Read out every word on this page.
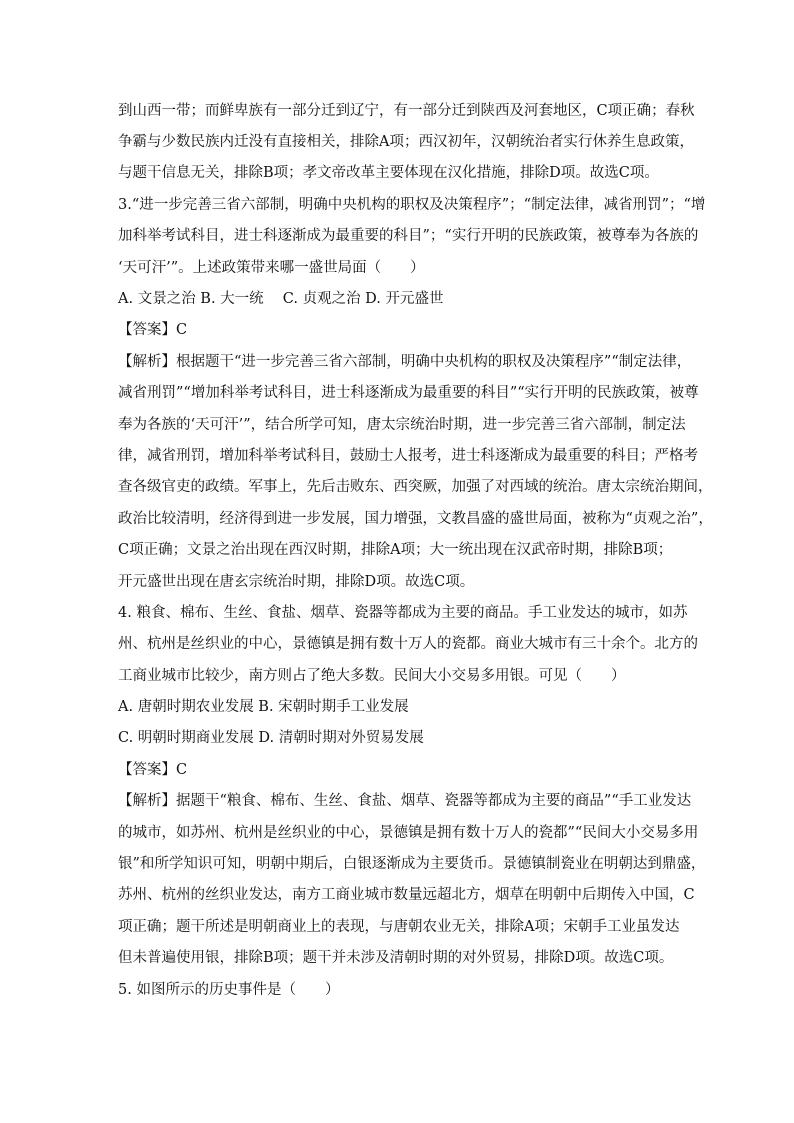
到山西一带；而鲜卑族有一部分迁到辽宁，有一部分迁到陕西及河套地区，C项正确；春秋
争霸与少数民族内迁没有直接相关，排除A项；西汉初年，汉朝统治者实行休养生息政策，
与题干信息无关，排除B项；孝文帝改革主要体现在汉化措施，排除D项。故选C项。
3.“进一步完善三省六部制，明确中央机构的职权及决策程序”；“制定法律，减省刑罚”；“增
加科举考试科目，进士科逐渐成为最重要的科目”；“实行开明的民族政策，被尊奉为各族的
‘天可汗’”。上述政策带来哪一盛世局面（　　）
A. 文景之治 B. 大一统　 C. 贞观之治 D. 开元盛世
【答案】C
【解析】根据题干“进一步完善三省六部制，明确中央机构的职权及决策程序”“制定法律，
减省刑罚”“增加科举考试科目，进士科逐渐成为最重要的科目”“实行开明的民族政策，被尊
奉为各族的‘天可汗’”，结合所学可知，唐太宗统治时期，进一步完善三省六部制，制定法
律，减省刑罚，增加科举考试科目，鼓励士人报考，进士科逐渐成为最重要的科目；严格考
查各级官吏的政绩。军事上，先后击败东、西突厥，加强了对西域的统治。唐太宗统治期间，
政治比较清明，经济得到进一步发展，国力增强，文教昌盛的盛世局面，被称为“贞观之治”，
C项正确；文景之治出现在西汉时期，排除A项；大一统出现在汉武帝时期，排除B项；
开元盛世出现在唐玄宗统治时期，排除D项。故选C项。
4. 粮食、棉布、生丝、食盐、烟草、瓷器等都成为主要的商品。手工业发达的城市，如苏
州、杭州是丝织业的中心，景德镇是拥有数十万人的瓷都。商业大城市有三十余个。北方的
工商业城市比较少，南方则占了绝大多数。民间大小交易多用银。可见（　　）
A. 唐朝时期农业发展 B. 宋朝时期手工业发展
C. 明朝时期商业发展 D. 清朝时期对外贸易发展
【答案】C
【解析】据题干“粮食、棉布、生丝、食盐、烟草、瓷器等都成为主要的商品”“手工业发达
的城市，如苏州、杭州是丝织业的中心，景德镇是拥有数十万人的瓷都”“民间大小交易多用
银”和所学知识可知，明朝中期后，白银逐渐成为主要货币。景德镇制瓷业在明朝达到鼎盛，
苏州、杭州的丝织业发达，南方工商业城市数量远超北方，烟草在明朝中后期传入中国，C
项正确；题干所述是明朝商业上的表现，与唐朝农业无关，排除A项；宋朝手工业虽发达
但未普遍使用银，排除B项；题干并未涉及清朝时期的对外贸易，排除D项。故选C项。
5. 如图所示的历史事件是（　　）
